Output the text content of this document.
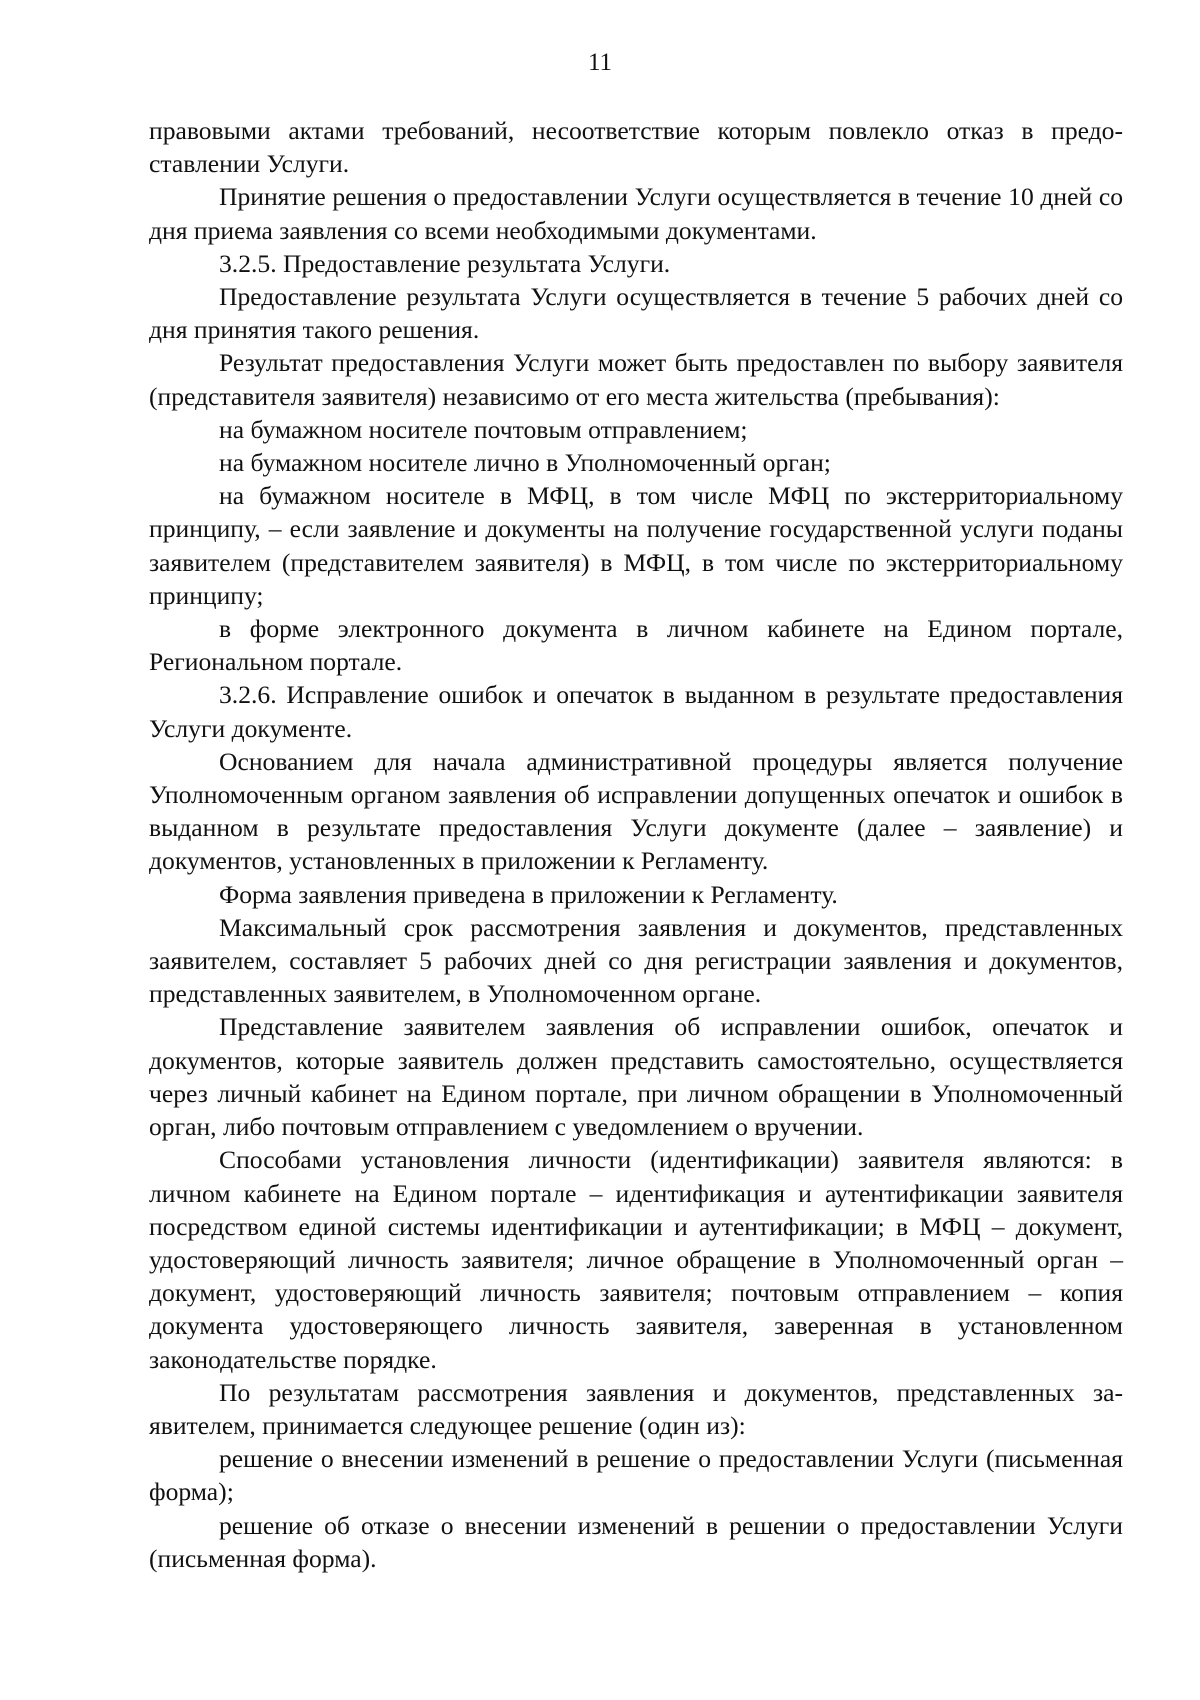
11

правовыми актами требований, несоответствие которым повлекло отказ в предоставлении Услуги.

Принятие решения о предоставлении Услуги осуществляется в течение 10 дней со дня приема заявления со всеми необходимыми документами.

3.2.5. Предоставление результата Услуги.

Предоставление результата Услуги осуществляется в течение 5 рабочих дней со дня принятия такого решения.

Результат предоставления Услуги может быть предоставлен по выбору заявителя (представителя заявителя) независимо от его места жительства (пребывания):

на бумажном носителе почтовым отправлением;

на бумажном носителе лично в Уполномоченный орган;

на бумажном носителе в МФЦ, в том числе МФЦ по экстерриториальному принципу, – если заявление и документы на получение государственной услуги поданы заявителем (представителем заявителя) в МФЦ, в том числе по экстерриториальному принципу;

в форме электронного документа в личном кабинете на Едином портале, Региональном портале.

3.2.6. Исправление ошибок и опечаток в выданном в результате предоставления Услуги документе.

Основанием для начала административной процедуры является получение Уполномоченным органом заявления об исправлении допущенных опечаток и ошибок в выданном в результате предоставления Услуги документе (далее – заявление) и документов, установленных в приложении к Регламенту.

Форма заявления приведена в приложении к Регламенту.

Максимальный срок рассмотрения заявления и документов, представленных заявителем, составляет 5 рабочих дней со дня регистрации заявления и документов, представленных заявителем, в Уполномоченном органе.

Представление заявителем заявления об исправлении ошибок, опечаток и документов, которые заявитель должен представить самостоятельно, осуществляется через личный кабинет на Едином портале, при личном обращении в Уполномоченный орган, либо почтовым отправлением с уведомлением о вручении.

Способами установления личности (идентификации) заявителя являются: в личном кабинете на Едином портале – идентификация и аутентификации заявителя посредством единой системы идентификации и аутентификации; в МФЦ – документ, удостоверяющий личность заявителя; личное обращение в Уполномоченный орган – документ, удостоверяющий личность заявителя; почтовым отправлением – копия документа удостоверяющего личность заявителя, заверенная в установленном законодательстве порядке.

По результатам рассмотрения заявления и документов, представленных заявителем, принимается следующее решение (один из):

решение о внесении изменений в решение о предоставлении Услуги (письменная форма);

решение об отказе о внесении изменений в решении о предоставлении Услуги (письменная форма).
